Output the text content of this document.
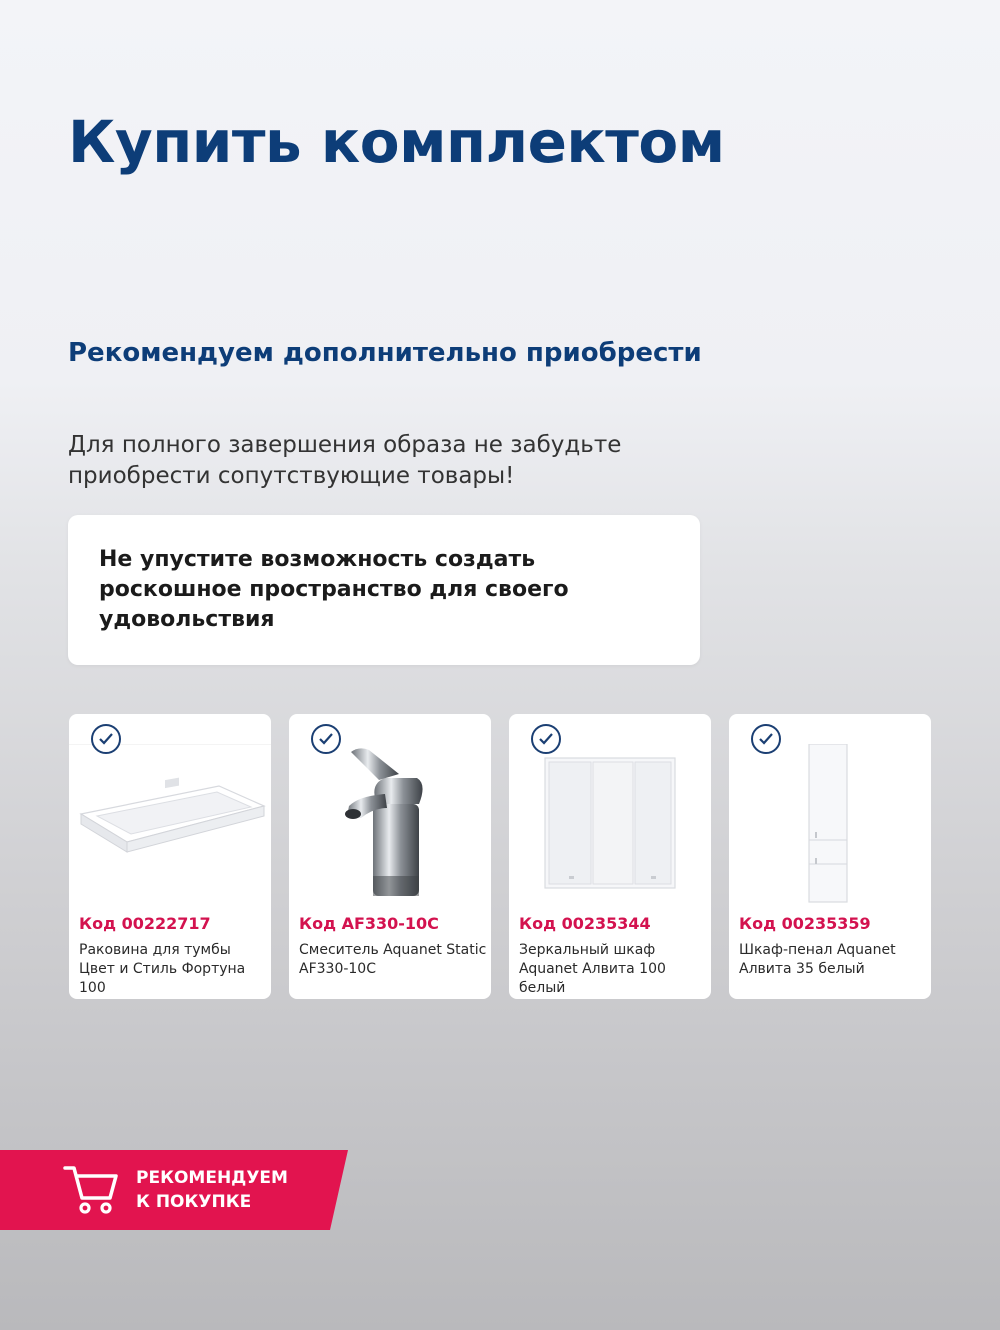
Купить комплектом
Рекомендуем дополнительно приобрести
Для полного завершения образа не забудьте приобрести сопутствующие товары!
Не упустите возможность создать роскошное пространство для своего удовольствия
Код 00222717
Раковина для тумбы Цвет и Стиль Фортуна 100
Код AF330-10C
Смеситель Aquanet Static AF330-10C
Код 00235344
Зеркальный шкаф Aquanet Алвита 100 белый
Код 00235359
Шкаф-пенал Aquanet Алвита 35 белый
РЕКОМЕНДУЕМ
К ПОКУПКЕ
